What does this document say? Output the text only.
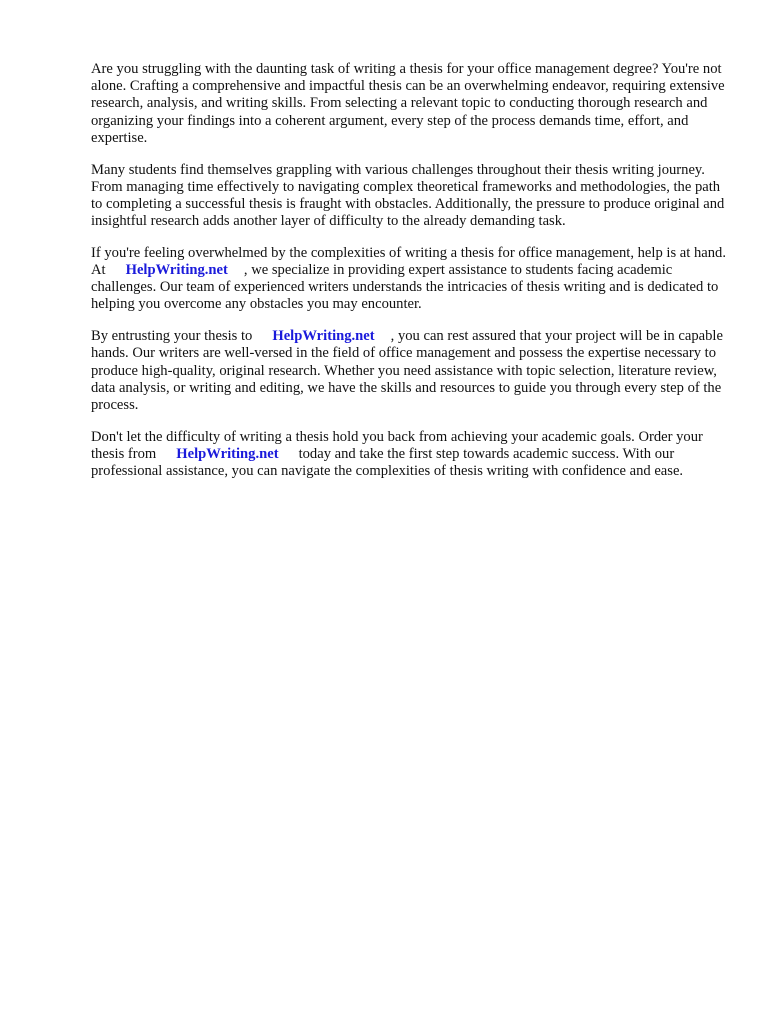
Are you struggling with the daunting task of writing a thesis for your office management degree? You're not alone. Crafting a comprehensive and impactful thesis can be an overwhelming endeavor, requiring extensive research, analysis, and writing skills. From selecting a relevant topic to conducting thorough research and organizing your findings into a coherent argument, every step of the process demands time, effort, and expertise.

Many students find themselves grappling with various challenges throughout their thesis writing journey. From managing time effectively to navigating complex theoretical frameworks and methodologies, the path to completing a successful thesis is fraught with obstacles. Additionally, the pressure to produce original and insightful research adds another layer of difficulty to the already demanding task.

If you're feeling overwhelmed by the complexities of writing a thesis for office management, help is at hand. At HelpWriting.net , we specialize in providing expert assistance to students facing academic challenges. Our team of experienced writers understands the intricacies of thesis writing and is dedicated to helping you overcome any obstacles you may encounter.

By entrusting your thesis to HelpWriting.net , you can rest assured that your project will be in capable hands. Our writers are well-versed in the field of office management and possess the expertise necessary to produce high-quality, original research. Whether you need assistance with topic selection, literature review, data analysis, or writing and editing, we have the skills and resources to guide you through every step of the process.

Don't let the difficulty of writing a thesis hold you back from achieving your academic goals. Order your thesis from HelpWriting.net today and take the first step towards academic success. With our professional assistance, you can navigate the complexities of thesis writing with confidence and ease.
